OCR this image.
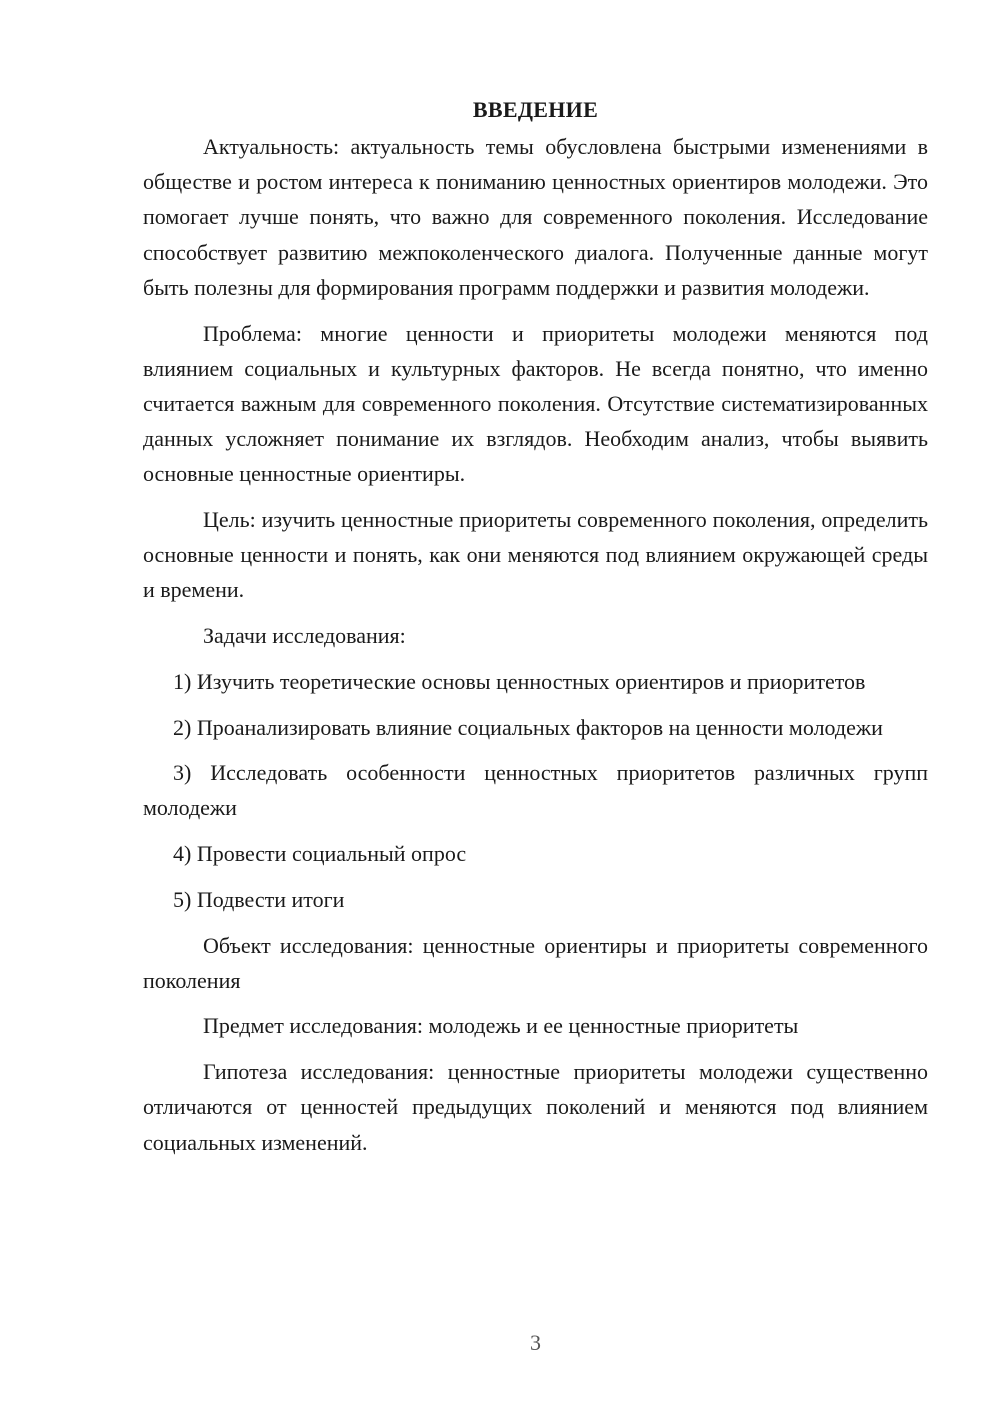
ВВЕДЕНИЕ

Актуальность: актуальность темы обусловлена быстрыми изменениями в обществе и ростом интереса к пониманию ценностных ориентиров молодежи. Это помогает лучше понять, что важно для современного поколения. Исследование способствует развитию межпоколенческого диалога. Полученные данные могут быть полезны для формирования программ поддержки и развития молодежи.

Проблема: многие ценности и приоритеты молодежи меняются под влиянием социальных и культурных факторов. Не всегда понятно, что именно считается важным для современного поколения. Отсутствие систематизированных данных усложняет понимание их взглядов. Необходим анализ, чтобы выявить основные ценностные ориентиры.

Цель: изучить ценностные приоритеты современного поколения, определить основные ценности и понять, как они меняются под влиянием окружающей среды и времени.

Задачи исследования:

1) Изучить теоретические основы ценностных ориентиров и приоритетов

2) Проанализировать влияние социальных факторов на ценности молодежи

3) Исследовать особенности ценностных приоритетов различных групп молодежи

4) Провести социальный опрос

5) Подвести итоги

Объект исследования: ценностные ориентиры и приоритеты современного поколения

Предмет исследования: молодежь и ее ценностные приоритеты

Гипотеза исследования: ценностные приоритеты молодежи существенно отличаются от ценностей предыдущих поколений и меняются под влиянием социальных изменений.

3
